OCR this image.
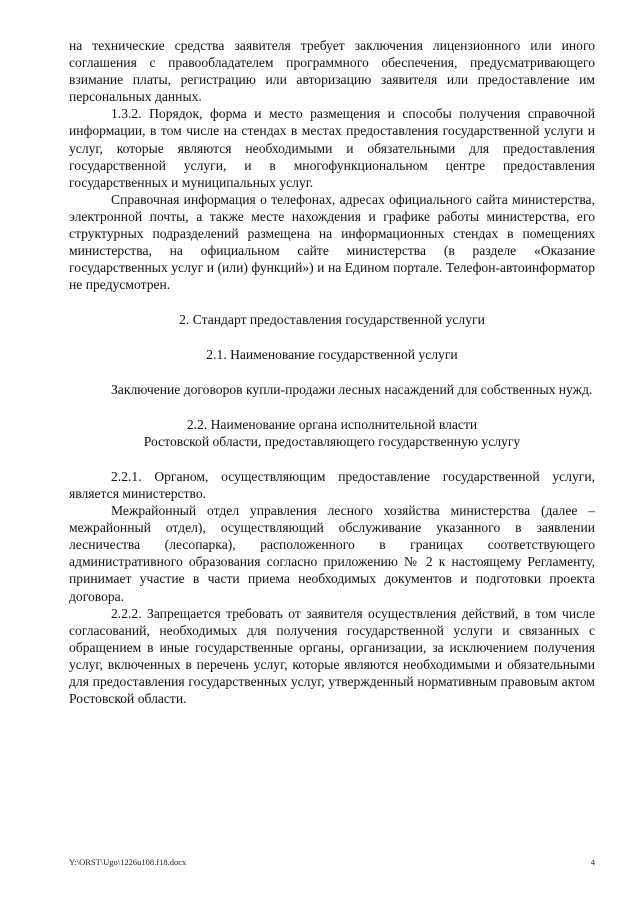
на технические средства заявителя требует заключения лицензионного или иного соглашения с правообладателем программного обеспечения, предусматривающего взимание платы, регистрацию или авторизацию заявителя или предоставление им персональных данных.

1.3.2. Порядок, форма и место размещения и способы получения справочной информации, в том числе на стендах в местах предоставления государственной услуги и услуг, которые являются необходимыми и обязательными для предоставления государственной услуги, и в многофункциональном центре предоставления государственных и муниципальных услуг.

Справочная информация о телефонах, адресах официального сайта министерства, электронной почты, а также месте нахождения и графике работы министерства, его структурных подразделений размещена на информационных стендах в помещениях министерства, на официальном сайте министерства (в разделе «Оказание государственных услуг и (или) функций») и на Едином портале. Телефон-автоинформатор не предусмотрен.

2. Стандарт предоставления государственной услуги

2.1. Наименование государственной услуги

Заключение договоров купли-продажи лесных насаждений для собственных нужд.

2.2. Наименование органа исполнительной власти

Ростовской области, предоставляющего государственную услугу

2.2.1. Органом, осуществляющим предоставление государственной услуги, является министерство.

Межрайонный отдел управления лесного хозяйства министерства (далее – межрайонный отдел), осуществляющий обслуживание указанного в заявлении лесничества (лесопарка), расположенного в границах соответствующего административного образования согласно приложению № 2 к настоящему Регламенту, принимает участие в части приема необходимых документов и подготовки проекта договора.

2.2.2. Запрещается требовать от заявителя осуществления действий, в том числе согласований, необходимых для получения государственной услуги и связанных с обращением в иные государственные органы, организации, за исключением получения услуг, включенных в перечень услуг, которые являются необходимыми и обязательными для предоставления государственных услуг, утвержденный нормативным правовым актом Ростовской области.

Y:\ORST\Ugo\1226u108.f18.docx	4
